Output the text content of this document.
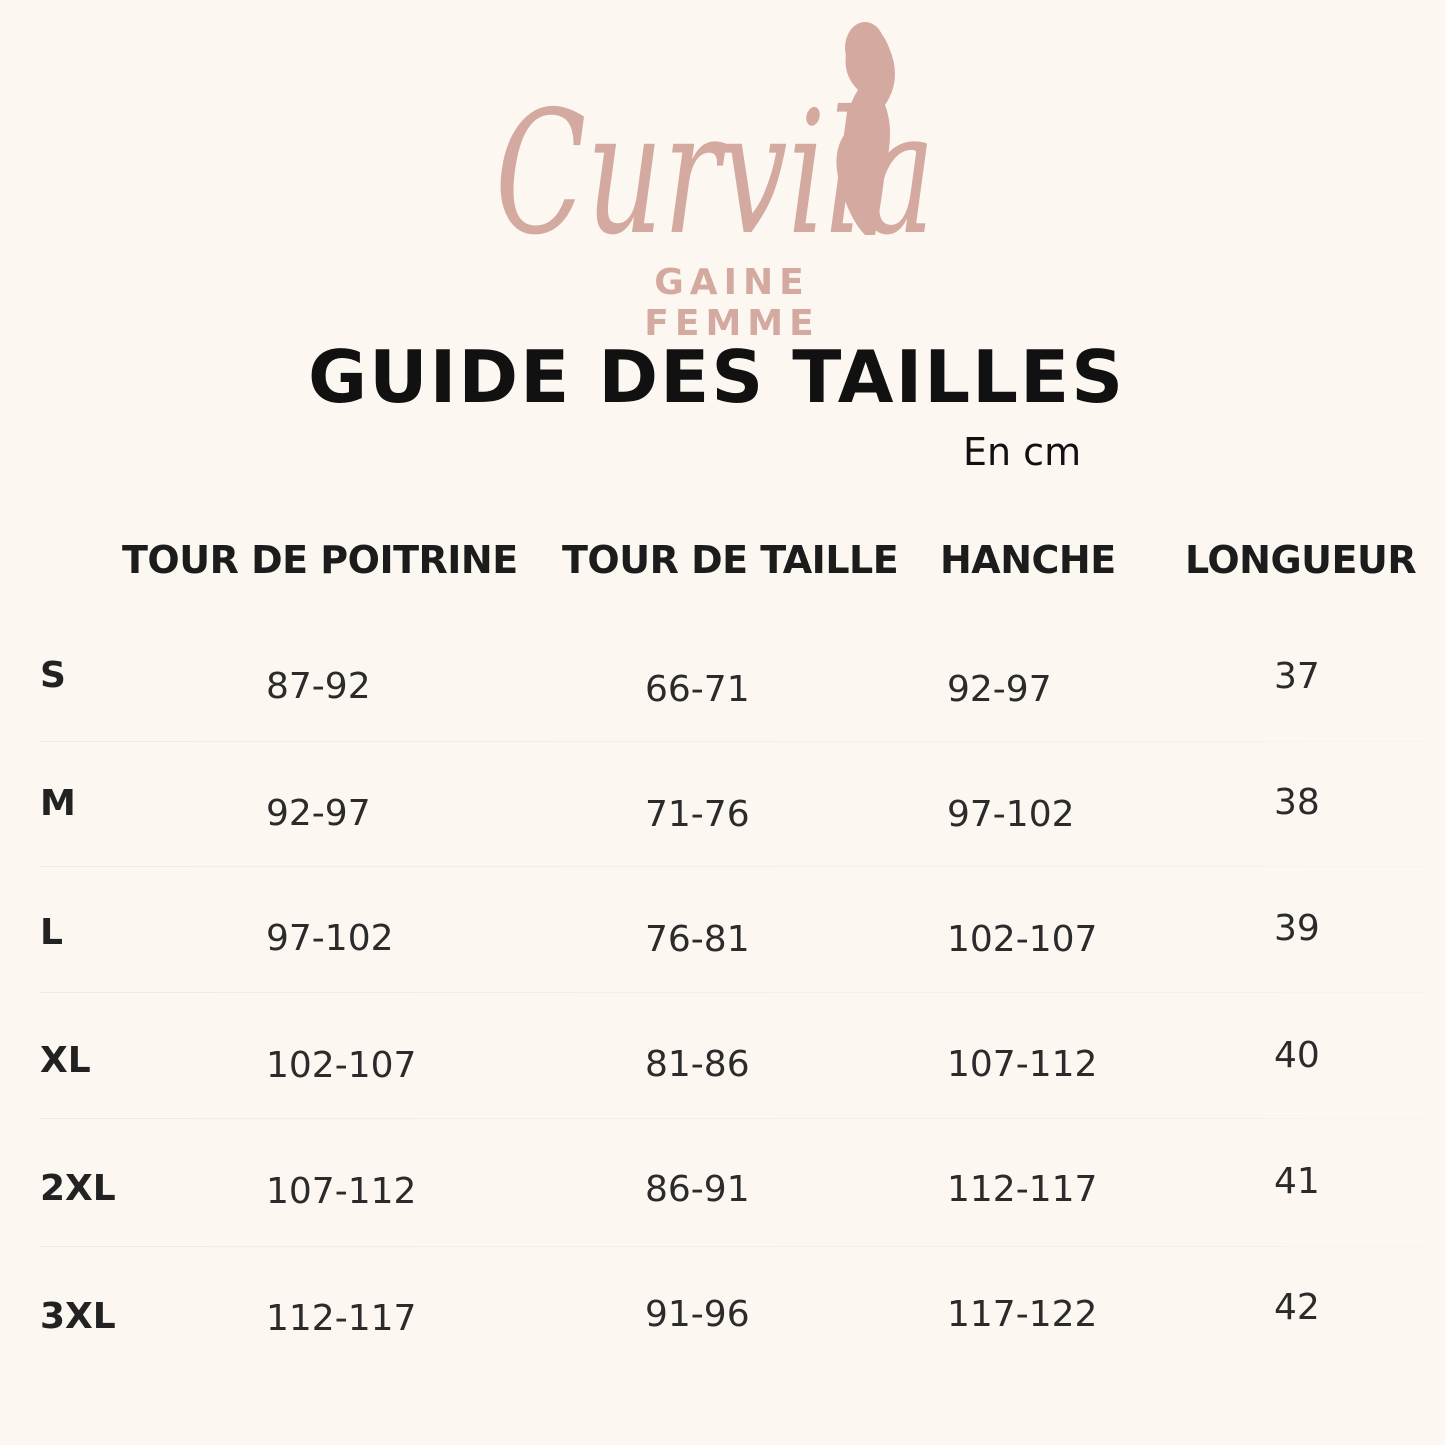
Curvila
GAINE FEMME
GUIDE DES TAILLES
En cm
TOUR DE POITRINE TOUR DE TAILLE HANCHE LONGUEUR
S	87-92	66-71	92-97	37
M	92-97	71-76	97-102	38
L	97-102	76-81	102-107	39
XL	102-107	81-86	107-112	40
2XL	107-112	86-91	112-117	41
3XL	112-117	91-96	117-122	42
